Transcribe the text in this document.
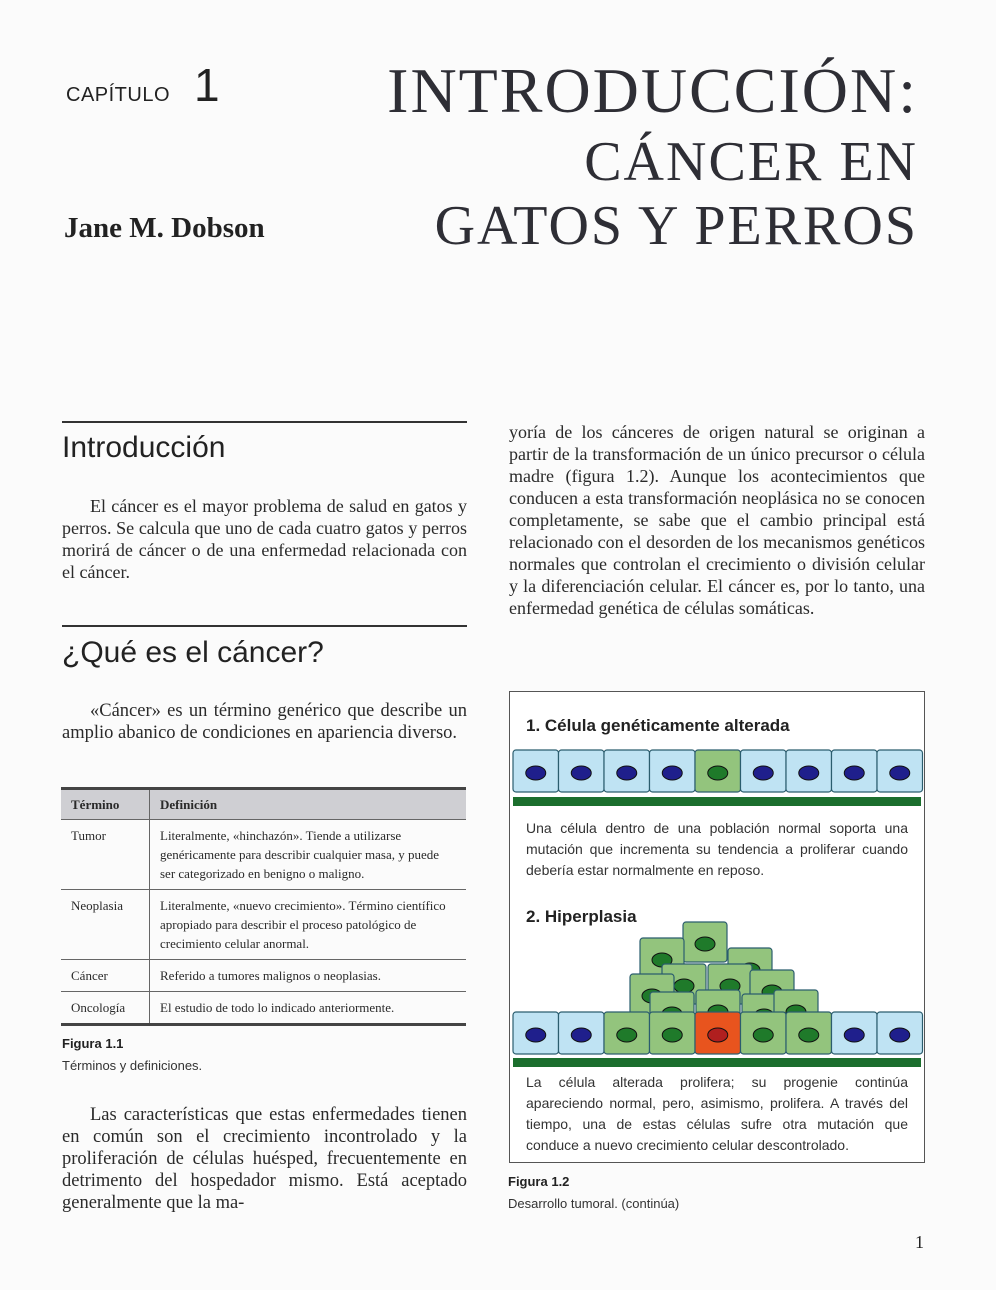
CAPÍTULO 1
Jane M. Dobson
INTRODUCCIÓN:
CÁNCER EN
GATOS Y PERROS
Introducción

El cáncer es el mayor problema de salud en gatos y perros. Se calcula que uno de cada cuatro gatos y perros morirá de cáncer o de una enfermedad relacionada con el cáncer.

¿Qué es el cáncer?

«Cáncer» es un término genérico que describe un amplio abanico de condiciones en apariencia diverso.

Término	Definición
Tumor	Literalmente, «hinchazón». Tiende a utilizarse genéricamente para describir cualquier masa, y puede ser categorizado en benigno o maligno.
Neoplasia	Literalmente, «nuevo crecimiento». Término científico apropiado para describir el proceso patológico de crecimiento celular anormal.
Cáncer	Referido a tumores malignos o neoplasias.
Oncología	El estudio de todo lo indicado anteriormente.
Figura 1.1
Términos y definiciones.

Las características que estas enfermedades tienen en común son el crecimiento incontrolado y la proliferación de células huésped, frecuentemente en detrimento del hospedador mismo. Está aceptado generalmente que la ma-

yoría de los cánceres de origen natural se originan a partir de la transformación de un único precursor o célula madre (figura 1.2). Aunque los acontecimientos que conducen a esta transformación neoplásica no se conocen completamente, se sabe que el cambio principal está relacionado con el desorden de los mecanismos genéticos normales que controlan el crecimiento o división celular y la diferenciación celular. El cáncer es, por lo tanto, una enfermedad genética de células somáticas.

1. Célula genéticamente alterada
Una célula dentro de una población normal soporta una mutación que incrementa su tendencia a proliferar cuando debería estar normalmente en reposo.
2. Hiperplasia
La célula alterada prolifera; su progenie continúa apareciendo normal, pero, asimismo, prolifera. A través del tiempo, una de estas células sufre otra mutación que conduce a nuevo crecimiento celular descontrolado.
Figura 1.2
Desarrollo tumoral. (continúa)
1
